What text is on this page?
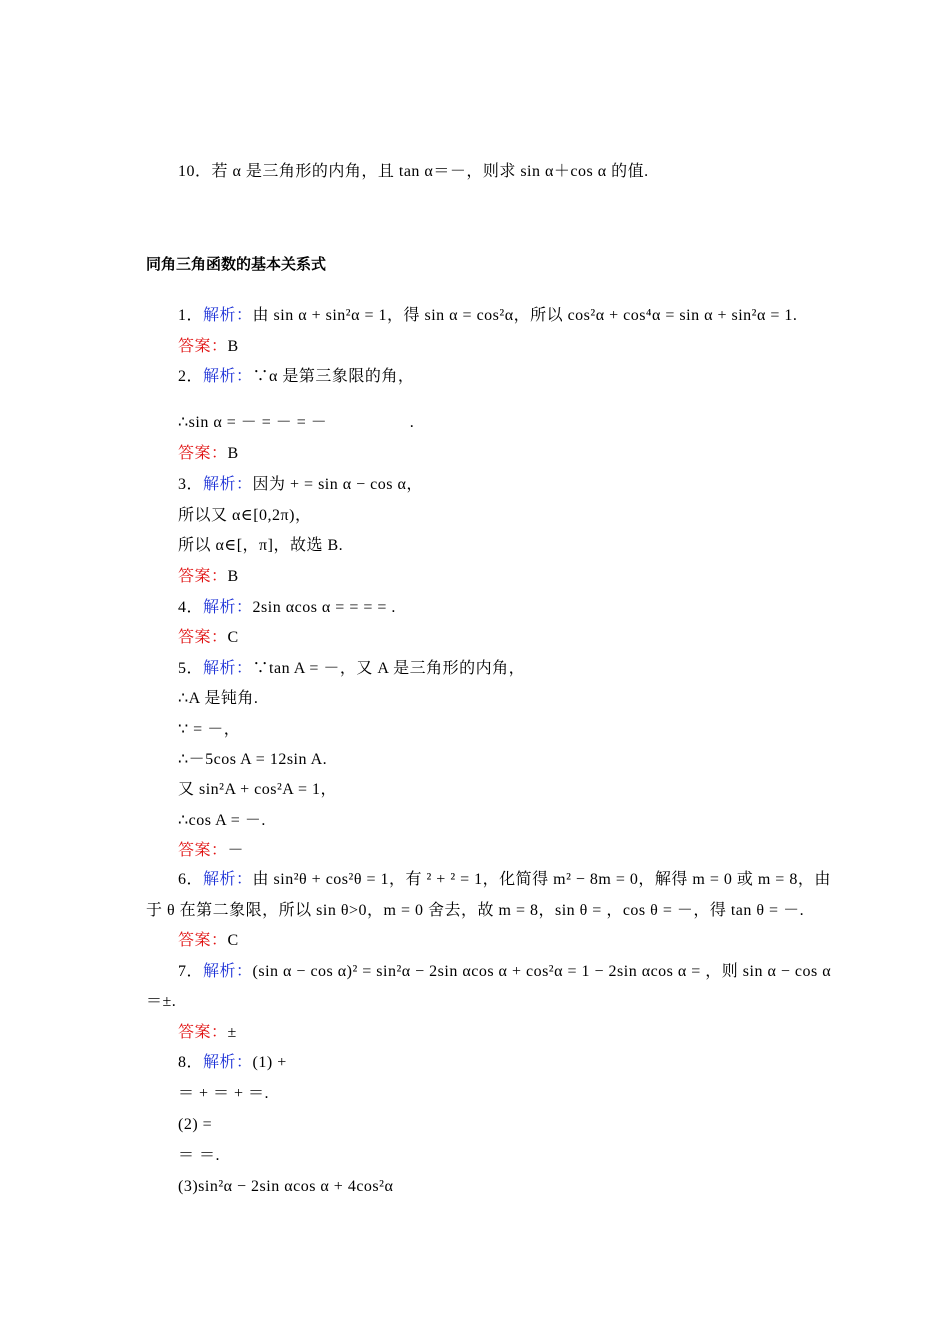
10．若 α 是三角形的内角，且 tan α＝－，则求 sin α＋cos α 的值.
同角三角函数的基本关系式
1．解析：由 sin α + sin²α = 1，得 sin α = cos²α，所以 cos²α + cos⁴α = sin α + sin²α = 1.
答案：B
2．解析：∵α 是第三象限的角，
∴sin α = － = － = －　　　　　.
答案：B
3．解析：因为 + = sin α − cos α，
所以又 α∈[0,2π)，
所以 α∈[，π]，故选 B.
答案：B
4．解析：2sin αcos α = = = = .
答案：C
5．解析：∵tan A = －，又 A 是三角形的内角，
∴A 是钝角.
∵ = －，
∴－5cos A = 12sin A.
又 sin²A + cos²A = 1，
∴cos A = －.
答案：－
6．解析：由 sin²θ + cos²θ = 1，有 ² + ² = 1，化简得 m² − 8m = 0，解得 m = 0 或 m = 8，由
于 θ 在第二象限，所以 sin θ>0，m = 0 舍去，故 m = 8，sin θ = ，cos θ = －，得 tan θ = －.
答案：C
7．解析：(sin α − cos α)² = sin²α − 2sin αcos α + cos²α = 1 − 2sin αcos α = ，则 sin α − cos α
＝±.
答案：±
8．解析：(1) +
＝ + ＝ + ＝.
(2) =
＝ ＝.
(3)sin²α − 2sin αcos α + 4cos²α
